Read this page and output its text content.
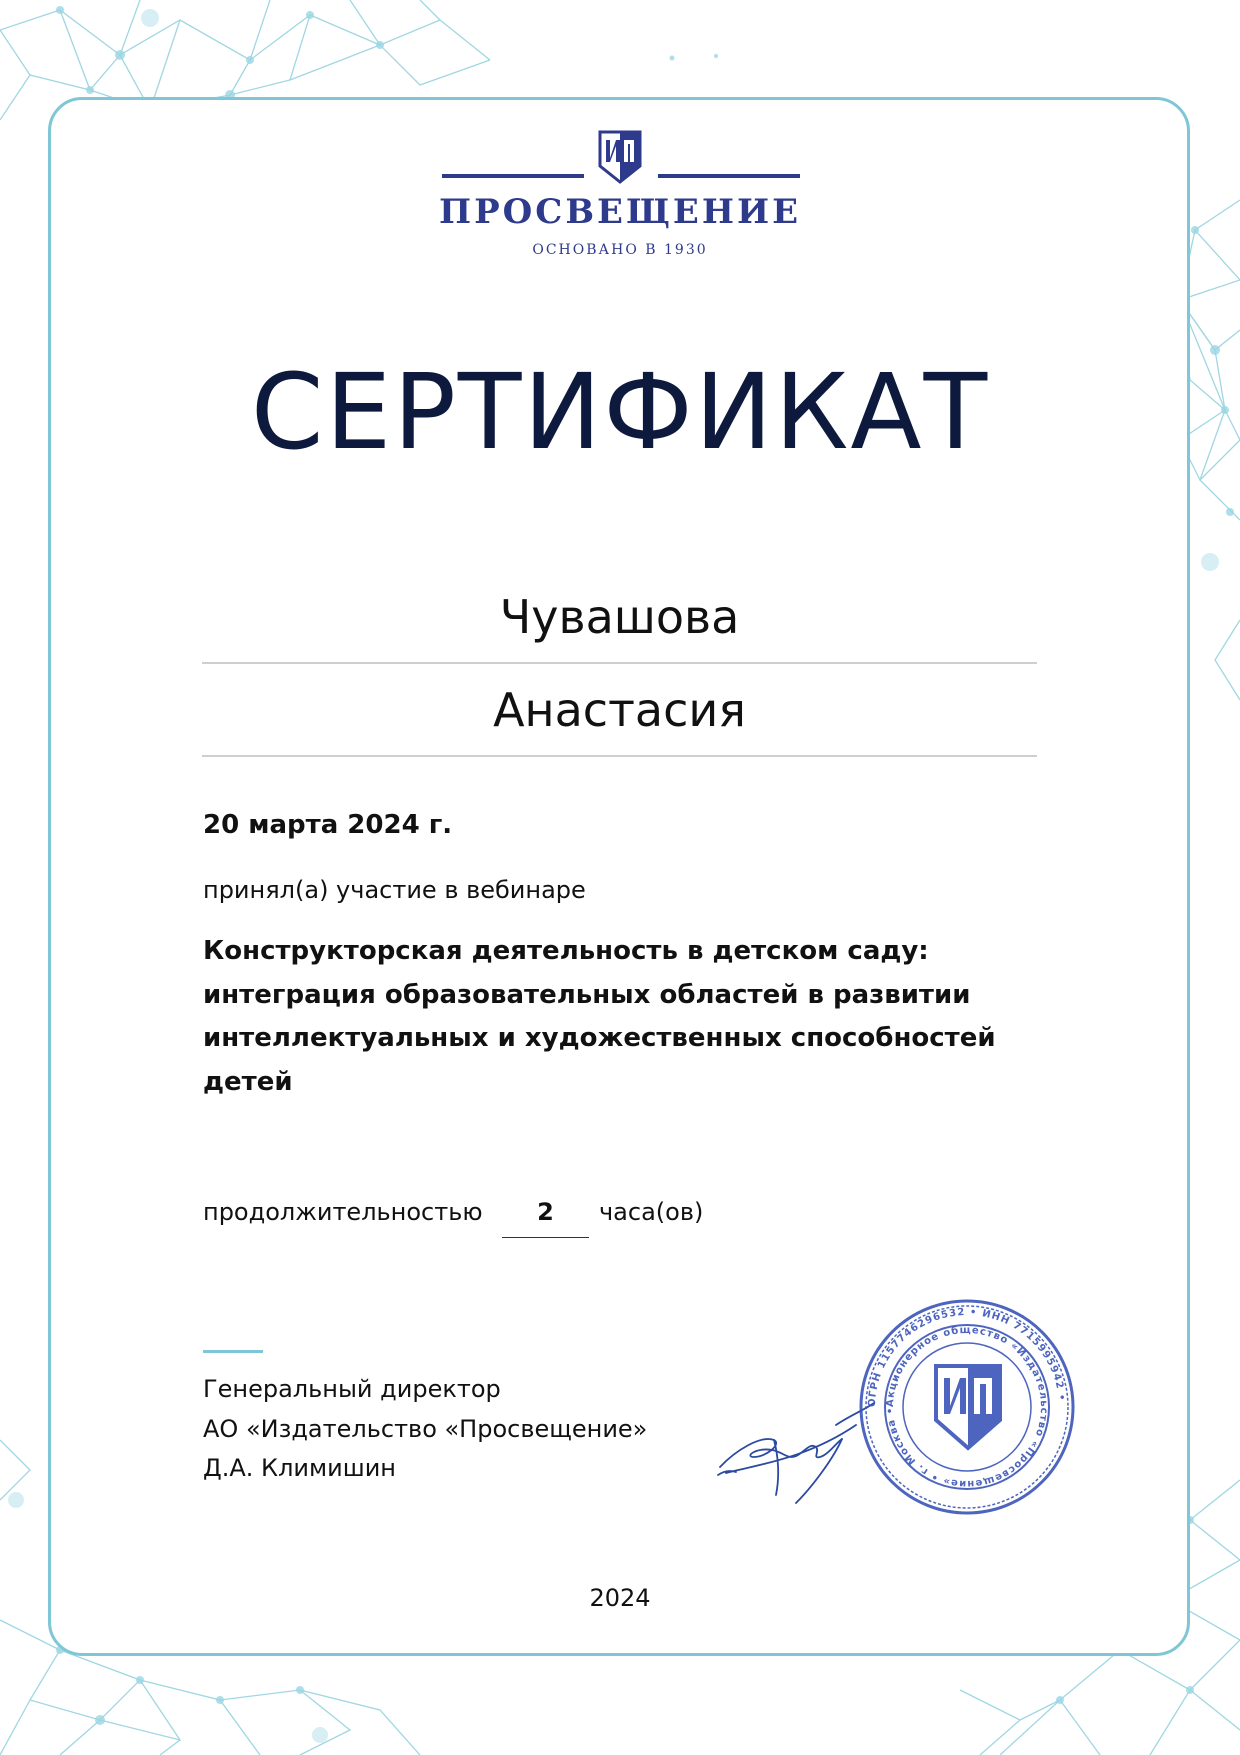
ПРОСВЕЩЕНИЕ
ОСНОВАНО В 1930
СЕРТИФИКАТ
Чувашова
Анастасия
20 марта 2024 г.
принял(а) участие в вебинаре
Конструкторская деятельность в детском саду:
интеграция образовательных областей в развитии
интеллектуальных и художественных способностей
детей
продолжительностью	2	часа(ов)
Генеральный директор
АО «Издательство «Просвещение»
Д.А. Климишин
ОГРН 1157746296532 • ИНН 7715995942 •
Акционерное общество «Издательство «Просвещение» • г. Москва •
2024
